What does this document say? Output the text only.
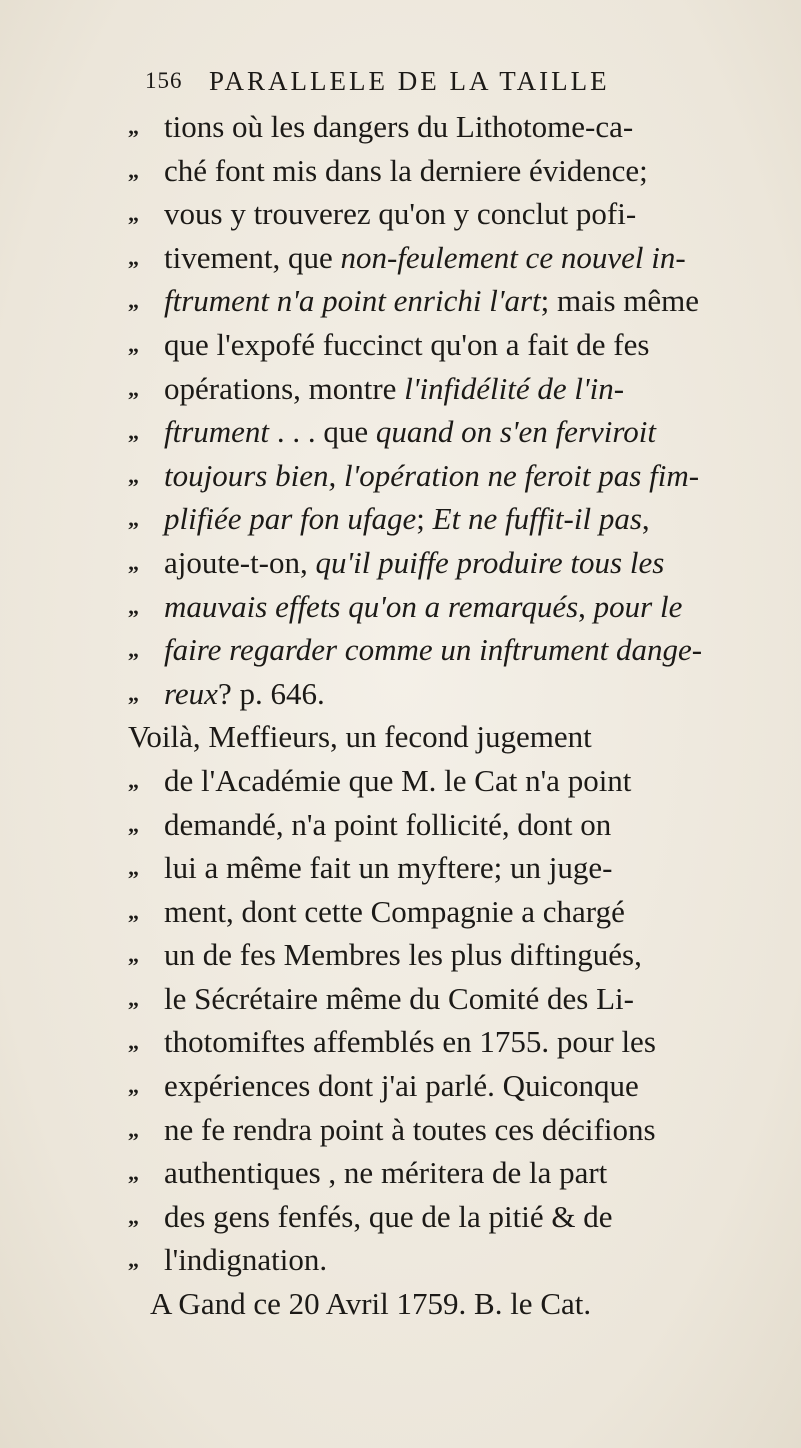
156 PARALLELE DE LA TAILLE
„ tions où les dangers du Lithotome-ca-
„ ché font mis dans la derniere évidence;
„ vous y trouverez qu'on y conclut pofi-
„ tivement, que non-feulement ce nouvel in-
„ ftrument n'a point enrichi l'art; mais même
„ que l'expofé fuccinct qu'on a fait de fes
„ opérations, montre l'infidélité de l'in-
„ ftrument . . . que quand on s'en ferviroit
„ toujours bien, l'opération ne feroit pas fim-
„ plifiée par fon ufage; Et ne fuffit-il pas,
„ ajoute-t-on, qu'il puiffe produire tous les
„ mauvais effets qu'on a remarqués, pour le
„ faire regarder comme un inftrument dange-
„ reux? p. 646.
Voilà, Meffieurs, un fecond jugement
„ de l'Académie que M. le Cat n'a point
„ demandé, n'a point follicité, dont on
„ lui a même fait un myftere; un juge-
„ ment, dont cette Compagnie a chargé
„ un de fes Membres les plus diftingués,
„ le Sécrétaire même du Comité des Li-
„ thotomiftes affemblés en 1755. pour les
„ expériences dont j'ai parlé. Quiconque
„ ne fe rendra point à toutes ces décifions
„ authentiques , ne méritera de la part
„ des gens fenfés, que de la pitié & de
„ l'indignation.
A Gand ce 20 Avril 1759. B. le Cat.
